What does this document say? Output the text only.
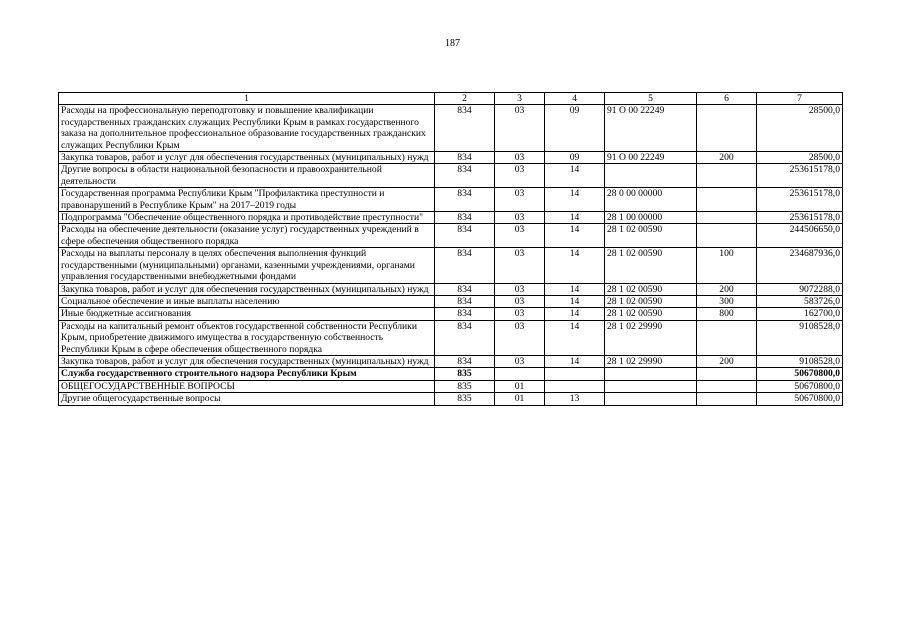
187
1	2	3	4	5	6	7
Расходы на профессиональную переподготовку и повышение квалификации государственных гражданских служащих Республики Крым в рамках государственного заказа на дополнительное профессиональное образование государственных гражданских служащих Республики Крым	834	03	09	91 О 00 22249		28500,0
Закупка товаров, работ и услуг для обеспечения государственных (муниципальных) нужд	834	03	09	91 О 00 22249	200	28500,0
Другие вопросы в области национальной безопасности и правоохранительной деятельности	834	03	14			253615178,0
Государственная программа Республики Крым "Профилактика преступности и правонарушений в Республике Крым" на 2017–2019 годы	834	03	14	28 0 00 00000		253615178,0
Подпрограмма "Обеспечение общественного порядка и противодействие преступности"	834	03	14	28 1 00 00000		253615178,0
Расходы на обеспечение деятельности (оказание услуг) государственных учреждений в сфере обеспечения общественного порядка	834	03	14	28 1 02 00590		244506650,0
Расходы на выплаты персоналу в целях обеспечения выполнения функций государственными (муниципальными) органами, казенными учреждениями, органами управления государственными внебюджетными фондами	834	03	14	28 1 02 00590	100	234687936,0
Закупка товаров, работ и услуг для обеспечения государственных (муниципальных) нужд	834	03	14	28 1 02 00590	200	9072288,0
Социальное обеспечение и иные выплаты населению	834	03	14	28 1 02 00590	300	583726,0
Иные бюджетные ассигнования	834	03	14	28 1 02 00590	800	162700,0
Расходы на капитальный ремонт объектов государственной собственности Республики Крым, приобретение движимого имущества в государственную собственность Республики Крым в сфере обеспечения общественного порядка	834	03	14	28 1 02 29990		9108528,0
Закупка товаров, работ и услуг для обеспечения государственных (муниципальных) нужд	834	03	14	28 1 02 29990	200	9108528,0
Служба государственного строительного надзора Республики Крым	835					50670800,0
ОБЩЕГОСУДАРСТВЕННЫЕ ВОПРОСЫ	835	01				50670800,0
Другие общегосударственные вопросы	835	01	13			50670800,0
